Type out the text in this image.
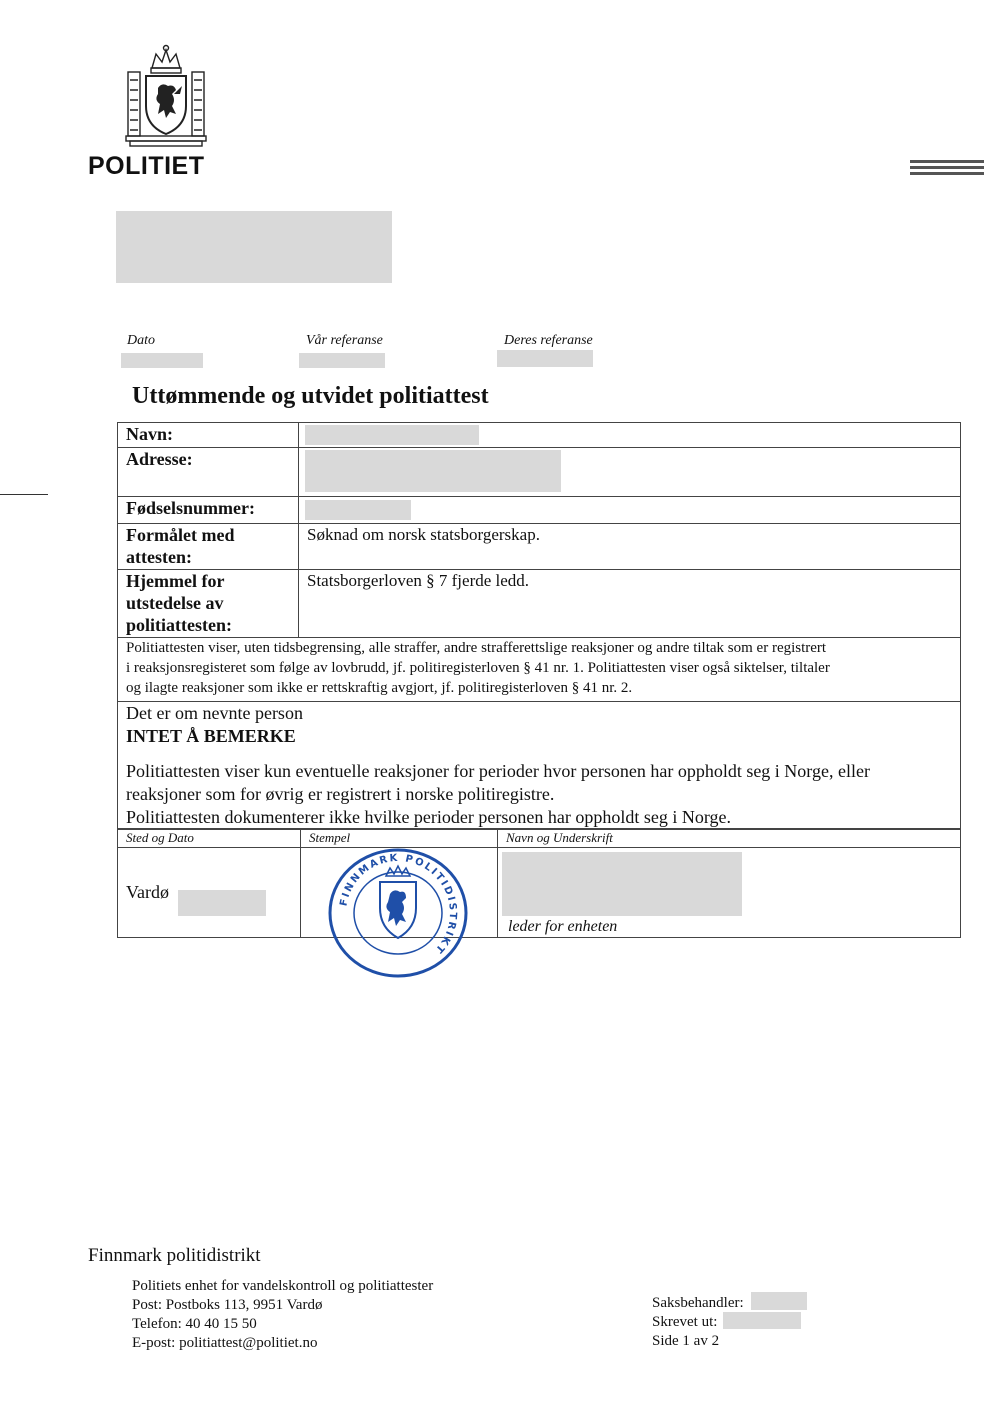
POLITIET
Dato	Vår referanse	Deres referanse
Uttømmende og utvidet politiattest
Navn:	

Adresse:	

Fødselsnummer:	

Formålet med
attesten:	Søknad om norsk statsborgerskap.

Hjemmel for
utstedelse av
politiattesten:	Statsborgerloven § 7 fjerde ledd.

Politiattesten viser, uten tidsbegrensing, alle straffer, andre strafferettslige reaksjoner og andre tiltak som er registrert
i reaksjonsregisteret som følge av lovbrudd, jf. politiregisterloven § 41 nr. 1. Politiattesten viser også siktelser, tiltaler
og ilagte reaksjoner som ikke er rettskraftig avgjort, jf. politiregisterloven § 41 nr. 2.	

Det er om nevnte person
INTET Å BEMERKE
Politiattesten viser kun eventuelle reaksjoner for perioder hvor personen har oppholdt seg i Norge, eller
reaksjoner som for øvrig er registrert i norske politiregistre.
Politiattesten dokumenterer ikke hvilke perioder personen har oppholdt seg i Norge.	
Sted og Dato	Stempel	Navn og Underskrift
Vardø		leder for enheten
FINNMARK POLITIDISTRIKT
Finnmark politidistrikt
Politiets enhet for vandelskontroll og politiattester
Post: Postboks 113, 9951 Vardø
Telefon: 40 40 15 50
E-post: politiattest@politiet.no
Saksbehandler:
Skrevet ut:
Side 1 av 2
